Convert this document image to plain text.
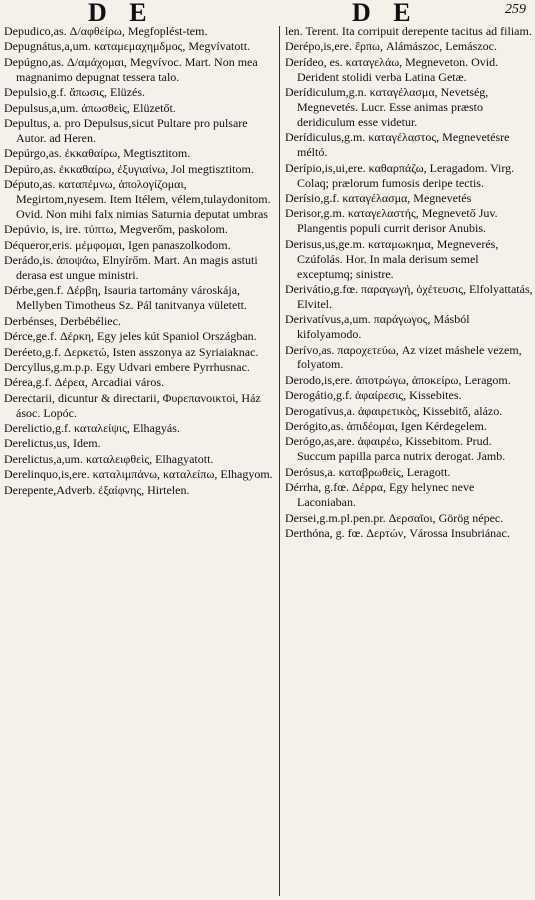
D E	D E	259
Depudico,as. Δ/αφθείρω, Megfoplést-tem.
Depugnátus,a,um. καταμεμαχημδμος, Megvívatott.
Depúgno,as. Δ/αμάχομαι, Megvívoc. Mart. Non mea magnanimo depugnat tessera talo.
Depulsio,g.f. ἄπωσις, Elüzés.
Depulsus,a,um. ἀπωσθεὶς, Elüzetőt.
Depultus, a. pro Depulsus,sicut Pultare pro pulsare Autor. ad Heren.
Depúrgo,as. ἐκκαθαίρω, Megtisztitom.
Depúro,as. ἐκκαθαίρω, ἐξυγιαίνω, Jol megtisztitom.
Députo,as. καταπέμνω, ἀπολογίζομαι, Megirtom,nyesem. Item Itélem, vélem,tulaydonitom. Ovid. Non mihi falx nimias Saturnia deputat umbras
Depúvio, is, ire. τύπτω, Megverőm, paskolom.
Déqueror,eris. μέμφομαι, Igen panaszolkodom.
Derádo,is. ἀποψάω, Elnyírőm. Mart. An magis astuti derasa est ungue ministri.
Dérbe,gen.f. Δέρβη, Isauria tartomány városkája, Mellyben Timotheus Sz. Pál tanitvanya vületett.
Derbénses, Derbébéliec.
Dérce,ge.f. Δέρκη, Egy jeles kút Spaniol Országban.
Deréeto,g.f. Δερκετώ, Isten asszonya az Syriaiaknac.
Dercyllus,g.m.p.p. Egy Udvari embere Pyrrhusnac.
Dérea,g.f. Δέρεα, Arcadiai város.
Derectarii, dicuntur & directarii, Φυρεπανοικτοὶ, Ház ásoc. Lopóc.
Derelictio,g.f. καταλείψις, Elhagyás.
Derelictus,us, Idem.
Derelictus,a,um. καταλειφθεὶς, Elhagyatott.
Derelinquo,is,ere. καταλιμπάνω, καταλείπω, Elhagyom.
Derepente,Adverb. ἐξαίφνης, Hirtelen.
len. Terent. Ita corripuit derepente tacitus ad filiam.
Derépo,is,ere. ἕρπω, Alámászoc, Lemászoc.
Derídeo, es. καταγελάω, Megneveton. Ovid. Derident stolidi verba Latina Getæ.
Derídiculum,g.n. καταγέλασμα, Nevetség, Megnevetés. Lucr. Esse animas præsto deridiculum esse videtur.
Derídiculus,g.m. καταγέλαστος, Megnevetésre méltó.
Derípio,is,ui,ere. καθαρπάζω, Leragadom. Virg. Colaq; prælorum fumosis deripe tectis.
Derísio,g.f. καταγέλασμα, Megnevetés
Derisor,g.m. καταγελαστής, Megnevető Juv. Plangentis populi currit derisor Anubis.
Derisus,us,ge.m. καταμωκημα, Megneverés, Czúfolás. Hor. In mala derisum semel exceptumq; sinistre.
Derivátio,g.fœ. παραγωγή, ὀχέτευσις, Elfolyattatás, Elvitel.
Derivatívus,a,um. παράγωγος, Másból kifolyamodo.
Derívo,as. παροχετεύω, Az vizet máshele vezem, folyatom.
Derodo,is,ere. ἀποτρώγω, ἀποκείρω, Leragom.
Derogátio,g.f. ἀφαίρεσις, Kissebites.
Derogatívus,a. ἀφαιρετικὸς, Kissebitő, alázo.
Derógito,as. ἀπιδέομαι, Igen Kérdegelem.
Derógo,as,are. ἀφαιρέω, Kissebitom. Prud. Succum papilla parca nutrix derogat. Jamb.
Derósus,a. καταβρωθεὶς, Leragott.
Dérrha, g.fœ. Δέρρα, Egy helynec neve Laconiaban.
Dersei,g.m.pl.pen.pr. Δερσαῖοι, Görög népec.
Derthóna, g. fœ. Δερτών, Várossa Insubriánac.
